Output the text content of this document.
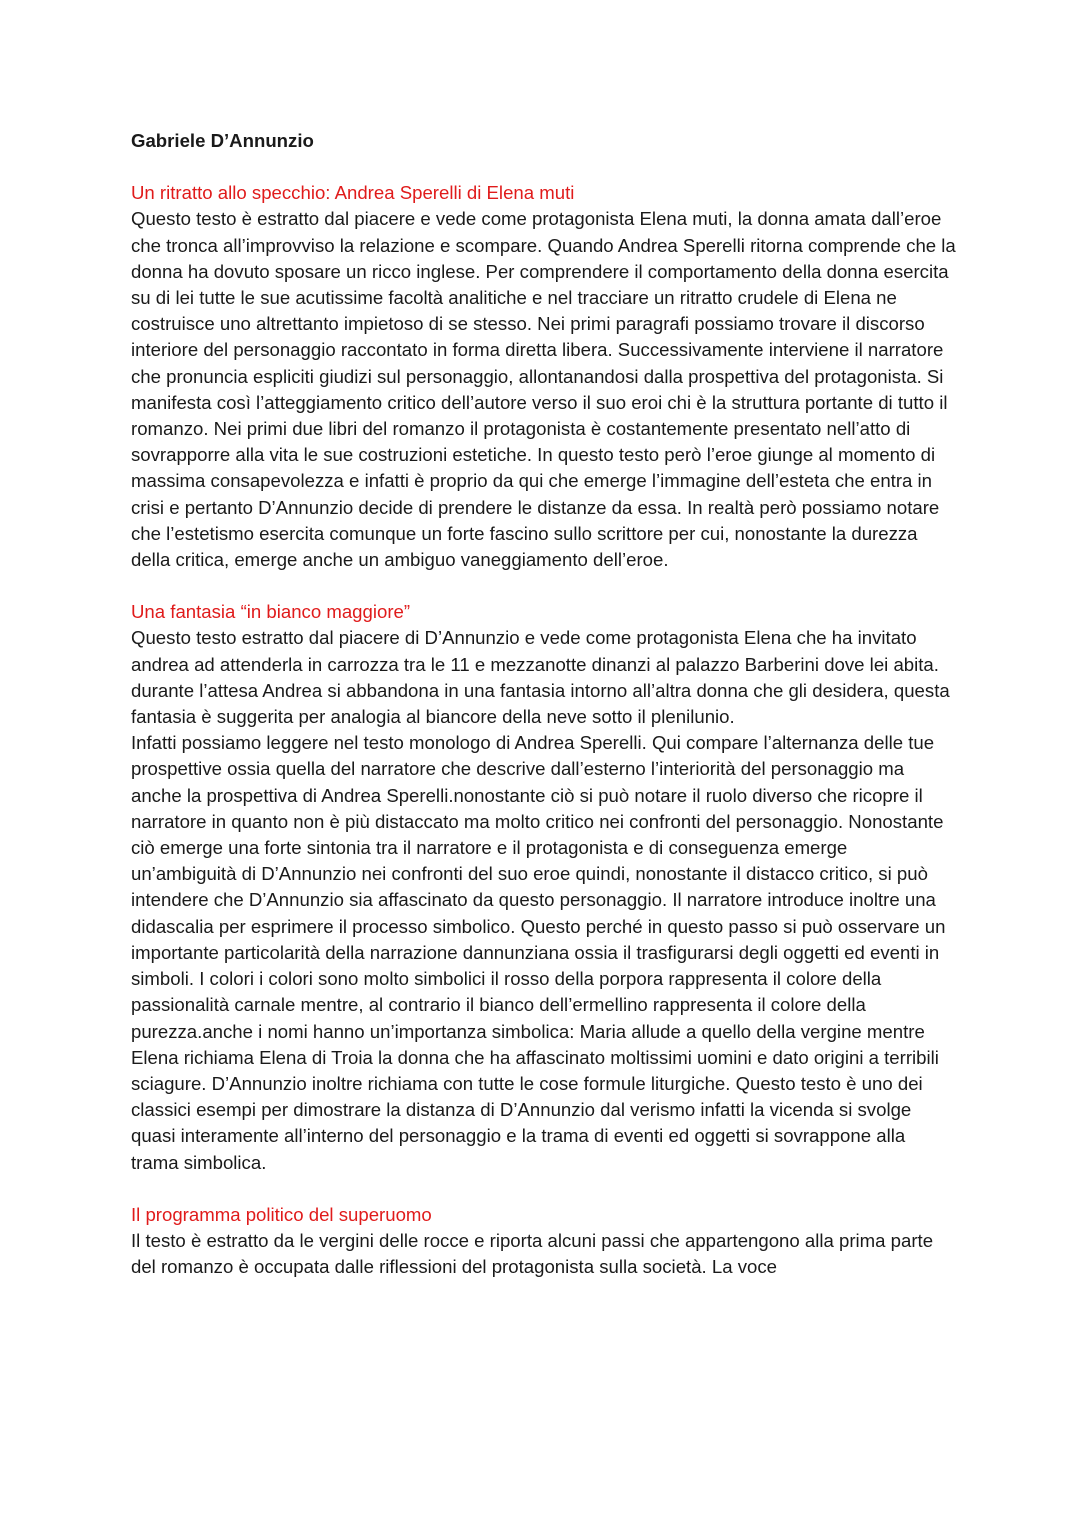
Gabriele D’Annunzio
Un ritratto allo specchio: Andrea Sperelli di Elena muti

Questo testo è estratto dal piacere e vede come protagonista Elena muti, la donna amata dall’eroe che tronca all’improvviso la relazione e scompare. Quando Andrea Sperelli ritorna comprende che la donna ha dovuto sposare un ricco inglese. Per comprendere il comportamento della donna esercita su di lei tutte le sue acutissime facoltà analitiche e nel tracciare un ritratto crudele di Elena ne costruisce uno altrettanto impietoso di se stesso. Nei primi paragrafi possiamo trovare il discorso interiore del personaggio raccontato in forma diretta libera. Successivamente interviene il narratore che pronuncia espliciti giudizi sul personaggio, allontanandosi dalla prospettiva del protagonista. Si manifesta così l’atteggiamento critico dell’autore verso il suo eroi chi è la struttura portante di tutto il romanzo. Nei primi due libri del romanzo il protagonista è costantemente presentato nell’atto di sovrapporre alla vita le sue costruzioni estetiche. In questo testo però l’eroe giunge al momento di massima consapevolezza e infatti è proprio da qui che emerge l’immagine dell’esteta che entra in crisi e pertanto D’Annunzio decide di prendere le distanze da essa. In realtà però possiamo notare che l’estetismo esercita comunque un forte fascino sullo scrittore per cui, nonostante la durezza della critica, emerge anche un ambiguo vaneggiamento dell’eroe.

Una fantasia “in bianco maggiore”

Questo testo estratto dal piacere di D’Annunzio e vede come protagonista Elena che ha invitato andrea ad attenderla in carrozza tra le 11 e mezzanotte dinanzi al palazzo Barberini dove lei abita. durante l’attesa Andrea si abbandona in una fantasia intorno all’altra donna che gli desidera, questa fantasia è suggerita per analogia al biancore della neve sotto il plenilunio.

Infatti possiamo leggere nel testo monologo di Andrea Sperelli. Qui compare l’alternanza delle tue prospettive ossia quella del narratore che descrive dall’esterno l’interiorità del personaggio ma anche la prospettiva di Andrea Sperelli.nonostante ciò si può notare il ruolo diverso che ricopre il narratore in quanto non è più distaccato ma molto critico nei confronti del personaggio. Nonostante ciò emerge una forte sintonia tra il narratore e il protagonista e di conseguenza emerge un’ambiguità di D’Annunzio nei confronti del suo eroe quindi, nonostante il distacco critico, si può intendere che D’Annunzio sia affascinato da questo personaggio. Il narratore introduce inoltre una didascalia per esprimere il processo simbolico. Questo perché in questo passo si può osservare un importante particolarità della narrazione dannunziana ossia il trasfigurarsi degli oggetti ed eventi in simboli. I colori i colori sono molto simbolici il rosso della porpora rappresenta il colore della passionalità carnale mentre, al contrario il bianco dell’ermellino rappresenta il colore della purezza.anche i nomi hanno un’importanza simbolica: Maria allude a quello della vergine mentre Elena richiama Elena di Troia la donna che ha affascinato moltissimi uomini e dato origini a terribili sciagure. D’Annunzio inoltre richiama con tutte le cose formule liturgiche. Questo testo è uno dei classici esempi per dimostrare la distanza di D’Annunzio dal verismo infatti la vicenda si svolge quasi interamente all’interno del personaggio e la trama di eventi ed oggetti si sovrappone alla trama simbolica.

Il programma politico del superuomo

Il testo è estratto da le vergini delle rocce e riporta alcuni passi che appartengono alla prima parte del romanzo è occupata dalle riflessioni del protagonista sulla società. La voce
